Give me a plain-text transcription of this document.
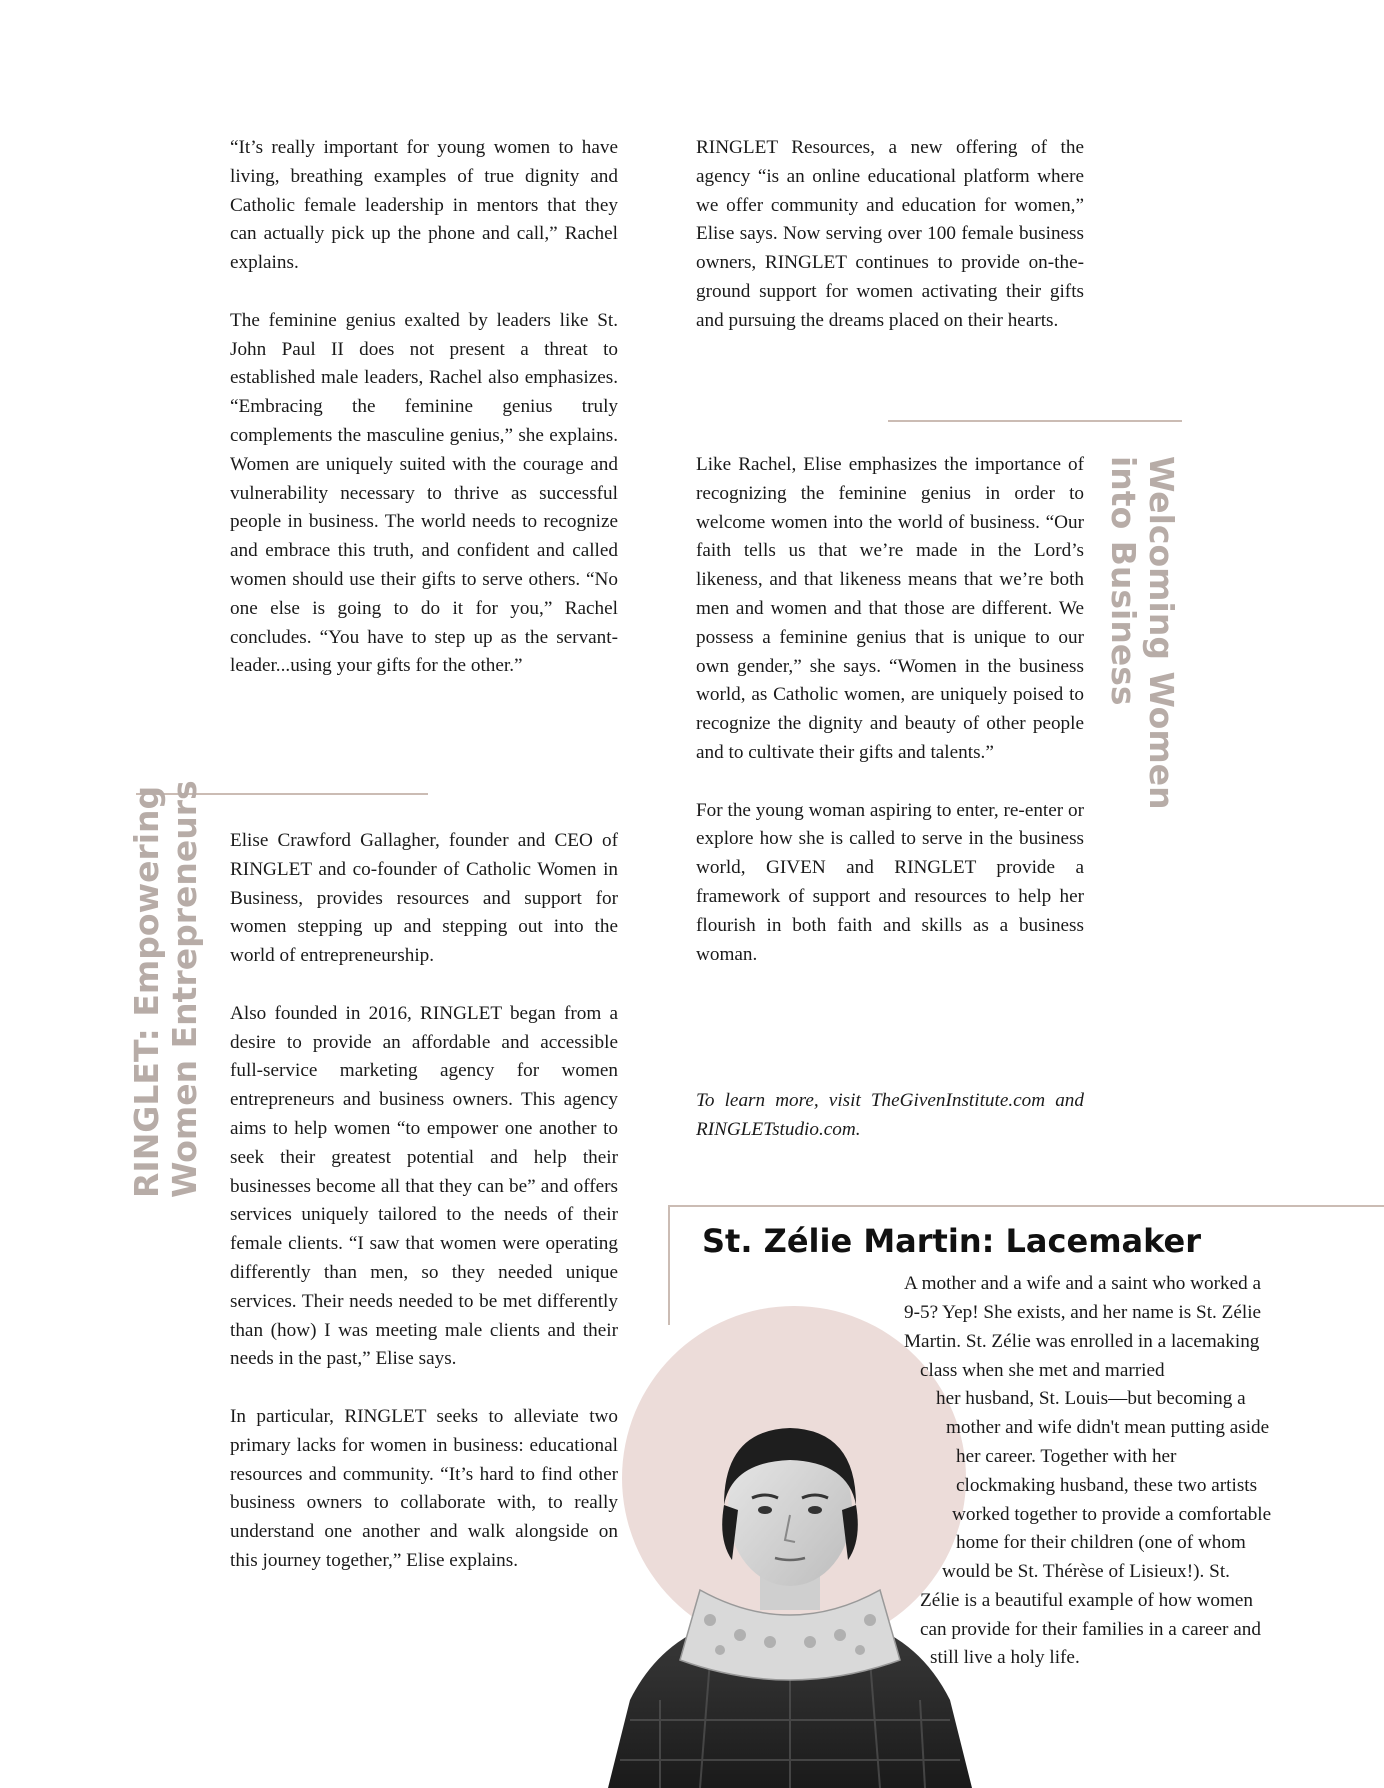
“It’s really important for young women to have living, breathing examples of true dignity and Catholic female leadership in mentors that they can actually pick up the phone and call,” Rachel explains.

The feminine genius exalted by leaders like St. John Paul II does not present a threat to established male leaders, Rachel also emphasizes. “Embracing the feminine genius truly complements the masculine genius,” she explains. Women are uniquely suited with the courage and vulnerability necessary to thrive as successful people in business. The world needs to recognize and embrace this truth, and confident and called women should use their gifts to serve others. “No one else is going to do it for you,” Rachel concludes. “You have to step up as the servant-leader...using your gifts for the other.”

RINGLET: Empowering Women Entrepreneurs Elise Crawford Gallagher, founder and CEO of RINGLET and co-founder of Catholic Women in Business, provides resources and support for women stepping up and stepping out into the world of entrepreneurship.

Also founded in 2016, RINGLET began from a desire to provide an affordable and accessible full-service marketing agency for women entrepreneurs and business owners. This agency aims to help women “to empower one another to seek their greatest potential and help their businesses become all that they can be” and offers services uniquely tailored to the needs of their female clients. “I saw that women were operating differently than men, so they needed unique services. Their needs needed to be met differently than (how) I was meeting male clients and their needs in the past,” Elise says.

In particular, RINGLET seeks to alleviate two primary lacks for women in business: educational resources and community. “It’s hard to find other business owners to collaborate with, to really understand one another and walk alongside on this journey together,” Elise explains.

RINGLET Resources, a new offering of the agency “is an online educational platform where we offer community and education for women,” Elise says. Now serving over 100 female business owners, RINGLET continues to provide on-the-ground support for women activating their gifts and pursuing the dreams placed on their hearts.

Welcoming Women
into Business

Like Rachel, Elise emphasizes the importance of recognizing the feminine genius in order to welcome women into the world of business. “Our faith tells us that we’re made in the Lord’s likeness, and that likeness means that we’re both men and women and that those are different. We possess a feminine genius that is unique to our own gender,” she says. “Women in the business world, as Catholic women, are uniquely poised to recognize the dignity and beauty of other people and to cultivate their gifts and talents.”

For the young woman aspiring to enter, re-enter or explore how she is called to serve in the business world, GIVEN and RINGLET provide a framework of support and resources to help her flourish in both faith and skills as a business woman.

To learn more, visit TheGivenInstitute.com and RINGLETstudio.com.

St. Zélie Martin: Lacemaker
A mother and a wife and a saint who worked a
9-5? Yep! She exists, and her name is St. Zélie
Martin. St. Zélie was enrolled in a lacemaking
class when she met and married
her husband, St. Louis—but becoming a
mother and wife didn't mean putting aside
her career. Together with her
clockmaking husband, these two artists
worked together to provide a comfortable
home for their children (one of whom
would be St. Thérèse of Lisieux!). St.
Zélie is a beautiful example of how women
can provide for their families in a career and
still live a holy life.
